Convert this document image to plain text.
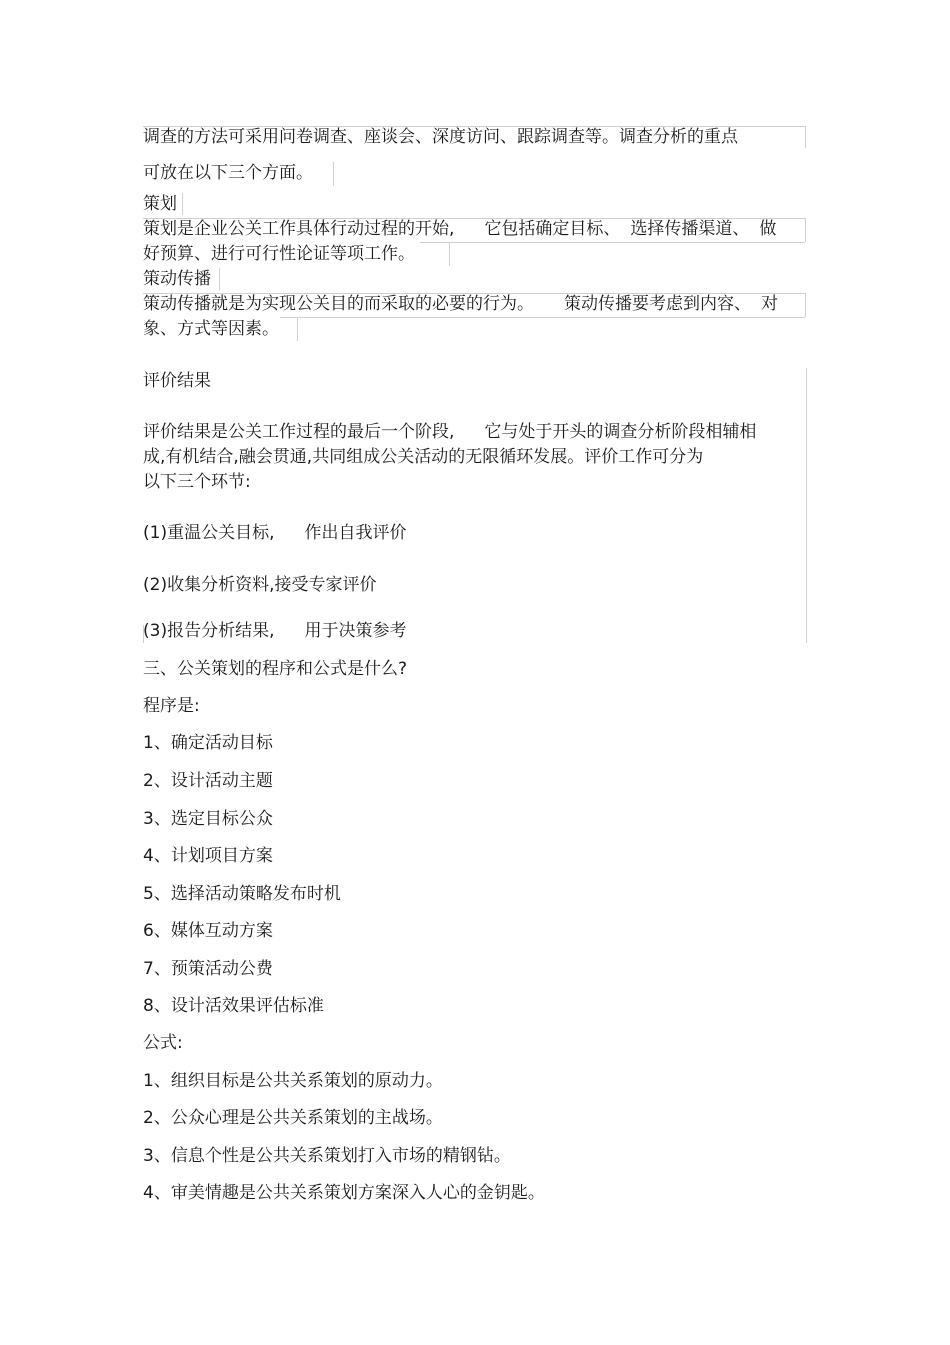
调查的方法可采用问卷调查、座谈会、深度访问、跟踪调查等。调查分析的重点

可放在以下三个方面。

策划

策划是企业公关工作具体行动过程的开始, 它包括确定目标、 选择传播渠道、 做

好预算、进行可行性论证等项工作。

策动传播

策动传播就是为实现公关目的而采取的必要的行为。 策动传播要考虑到内容、 对

象、方式等因素。

评价结果

评价结果是公关工作过程的最后一个阶段, 它与处于开头的调查分析阶段相辅相

成,有机结合,融会贯通,共同组成公关活动的无限循环发展。评价工作可分为

以下三个环节:

(1)重温公关目标, 作出自我评价

(2)收集分析资料,接受专家评价

(3)报告分析结果, 用于决策参考

三、公关策划的程序和公式是什么?

程序是:

1、确定活动目标

2、设计活动主题

3、选定目标公众

4、计划项目方案

5、选择活动策略发布时机

6、媒体互动方案

7、预策活动公费

8、设计活效果评估标准

公式:

1、组织目标是公共关系策划的原动力。

2、公众心理是公共关系策划的主战场。

3、信息个性是公共关系策划打入市场的精钢钻。

4、审美情趣是公共关系策划方案深入人心的金钥匙。
